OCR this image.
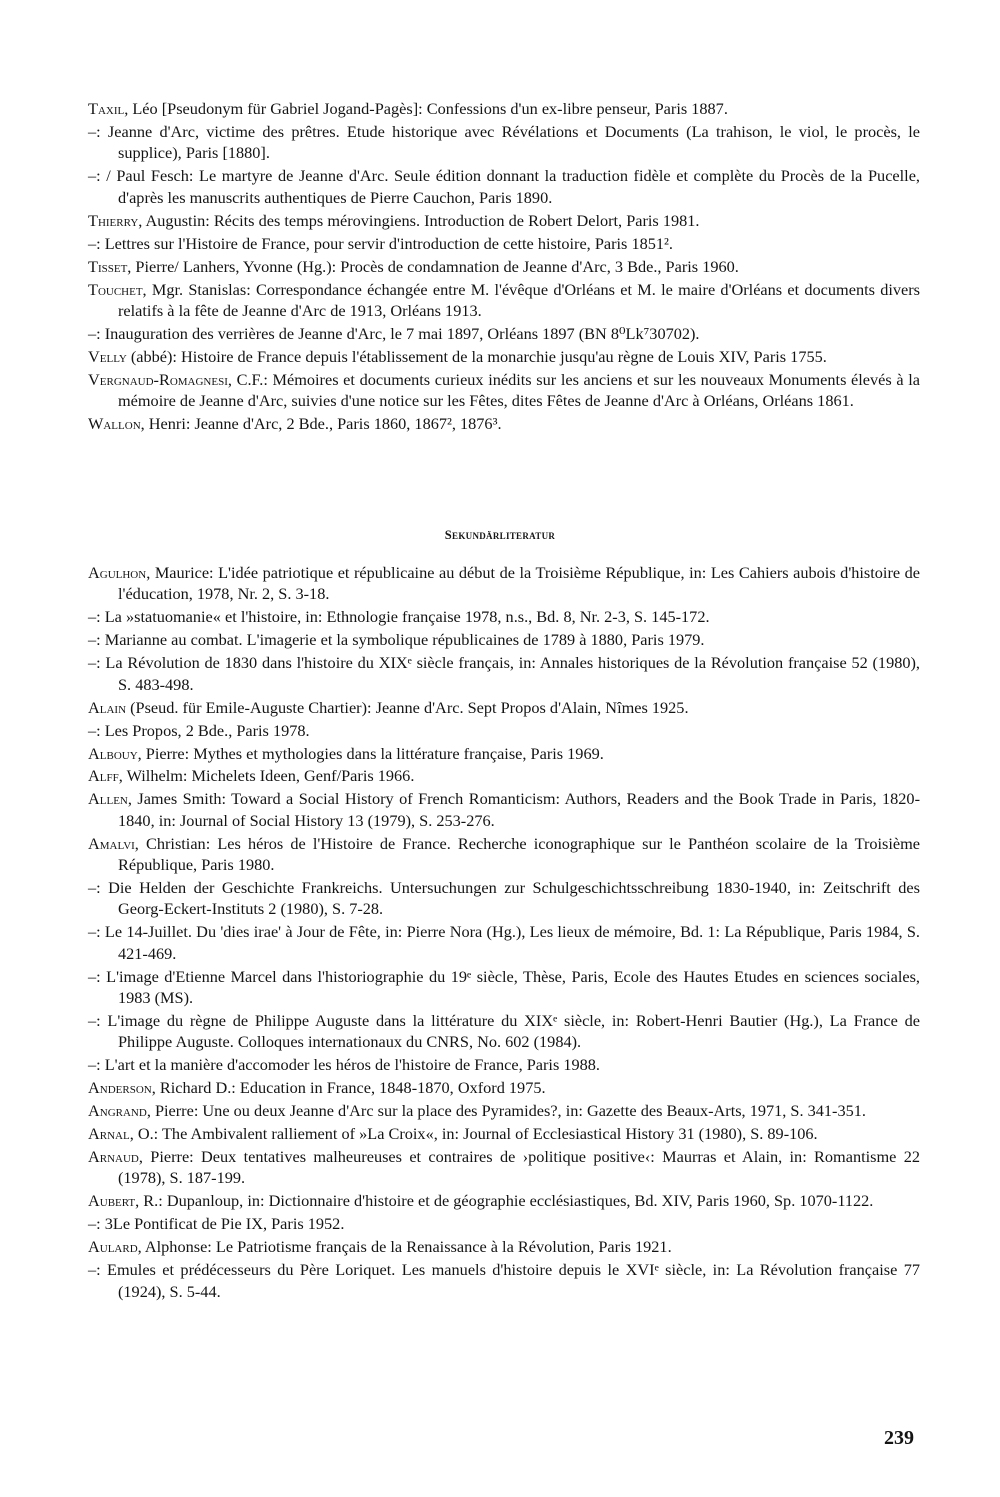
Taxil, Léo [Pseudonym für Gabriel Jogand-Pagès]: Confessions d'un ex-libre penseur, Paris 1887.

–: Jeanne d'Arc, victime des prêtres. Etude historique avec Révélations et Documents (La trahison, le viol, le procès, le supplice), Paris [1880].

–: / Paul Fesch: Le martyre de Jeanne d'Arc. Seule édition donnant la traduction fidèle et complète du Procès de la Pucelle, d'après les manuscrits authentiques de Pierre Cauchon, Paris 1890.

Thierry, Augustin: Récits des temps mérovingiens. Introduction de Robert Delort, Paris 1981.

–: Lettres sur l'Histoire de France, pour servir d'introduction de cette histoire, Paris 1851².

Tisset, Pierre/ Lanhers, Yvonne (Hg.): Procès de condamnation de Jeanne d'Arc, 3 Bde., Paris 1960.

Touchet, Mgr. Stanislas: Correspondance échangée entre M. l'évêque d'Orléans et M. le maire d'Orléans et documents divers relatifs à la fête de Jeanne d'Arc de 1913, Orléans 1913.

–: Inauguration des verrières de Jeanne d'Arc, le 7 mai 1897, Orléans 1897 (BN 8⁰Lk⁷30702).

Velly (abbé): Histoire de France depuis l'établissement de la monarchie jusqu'au règne de Louis XIV, Paris 1755.

Vergnaud-Romagnesi, C.F.: Mémoires et documents curieux inédits sur les anciens et sur les nouveaux Monuments élevés à la mémoire de Jeanne d'Arc, suivies d'une notice sur les Fêtes, dites Fêtes de Jeanne d'Arc à Orléans, Orléans 1861.

Wallon, Henri: Jeanne d'Arc, 2 Bde., Paris 1860, 1867², 1876³.

Sekundärliteratur

Agulhon, Maurice: L'idée patriotique et républicaine au début de la Troisième République, in: Les Cahiers aubois d'histoire de l'éducation, 1978, Nr. 2, S. 3-18.

–: La »statuomanie« et l'histoire, in: Ethnologie française 1978, n.s., Bd. 8, Nr. 2-3, S. 145-172.

–: Marianne au combat. L'imagerie et la symbolique républicaines de 1789 à 1880, Paris 1979.

–: La Révolution de 1830 dans l'histoire du XIXᵉ siècle français, in: Annales historiques de la Révolution française 52 (1980), S. 483-498.

Alain (Pseud. für Emile-Auguste Chartier): Jeanne d'Arc. Sept Propos d'Alain, Nîmes 1925.

–: Les Propos, 2 Bde., Paris 1978.

Albouy, Pierre: Mythes et mythologies dans la littérature française, Paris 1969.

Alff, Wilhelm: Michelets Ideen, Genf/Paris 1966.

Allen, James Smith: Toward a Social History of French Romanticism: Authors, Readers and the Book Trade in Paris, 1820-1840, in: Journal of Social History 13 (1979), S. 253-276.

Amalvi, Christian: Les héros de l'Histoire de France. Recherche iconographique sur le Panthéon scolaire de la Troisième République, Paris 1980.

–: Die Helden der Geschichte Frankreichs. Untersuchungen zur Schulgeschichtsschreibung 1830-1940, in: Zeitschrift des Georg-Eckert-Instituts 2 (1980), S. 7-28.

–: Le 14-Juillet. Du 'dies irae' à Jour de Fête, in: Pierre Nora (Hg.), Les lieux de mémoire, Bd. 1: La République, Paris 1984, S. 421-469.

–: L'image d'Etienne Marcel dans l'historiographie du 19ᵉ siècle, Thèse, Paris, Ecole des Hautes Etudes en sciences sociales, 1983 (MS).

–: L'image du règne de Philippe Auguste dans la littérature du XIXᵉ siècle, in: Robert-Henri Bautier (Hg.), La France de Philippe Auguste. Colloques internationaux du CNRS, No. 602 (1984).

–: L'art et la manière d'accomoder les héros de l'histoire de France, Paris 1988.

Anderson, Richard D.: Education in France, 1848-1870, Oxford 1975.

Angrand, Pierre: Une ou deux Jeanne d'Arc sur la place des Pyramides?, in: Gazette des Beaux-Arts, 1971, S. 341-351.

Arnal, O.: The Ambivalent ralliement of »La Croix«, in: Journal of Ecclesiastical History 31 (1980), S. 89-106.

Arnaud, Pierre: Deux tentatives malheureuses et contraires de ›politique positive‹: Maurras et Alain, in: Romantisme 22 (1978), S. 187-199.

Aubert, R.: Dupanloup, in: Dictionnaire d'histoire et de géographie ecclésiastiques, Bd. XIV, Paris 1960, Sp. 1070-1122.

–: 3Le Pontificat de Pie IX, Paris 1952.

Aulard, Alphonse: Le Patriotisme français de la Renaissance à la Révolution, Paris 1921.

–: Emules et prédécesseurs du Père Loriquet. Les manuels d'histoire depuis le XVIᵉ siècle, in: La Révolution française 77 (1924), S. 5-44.

239
